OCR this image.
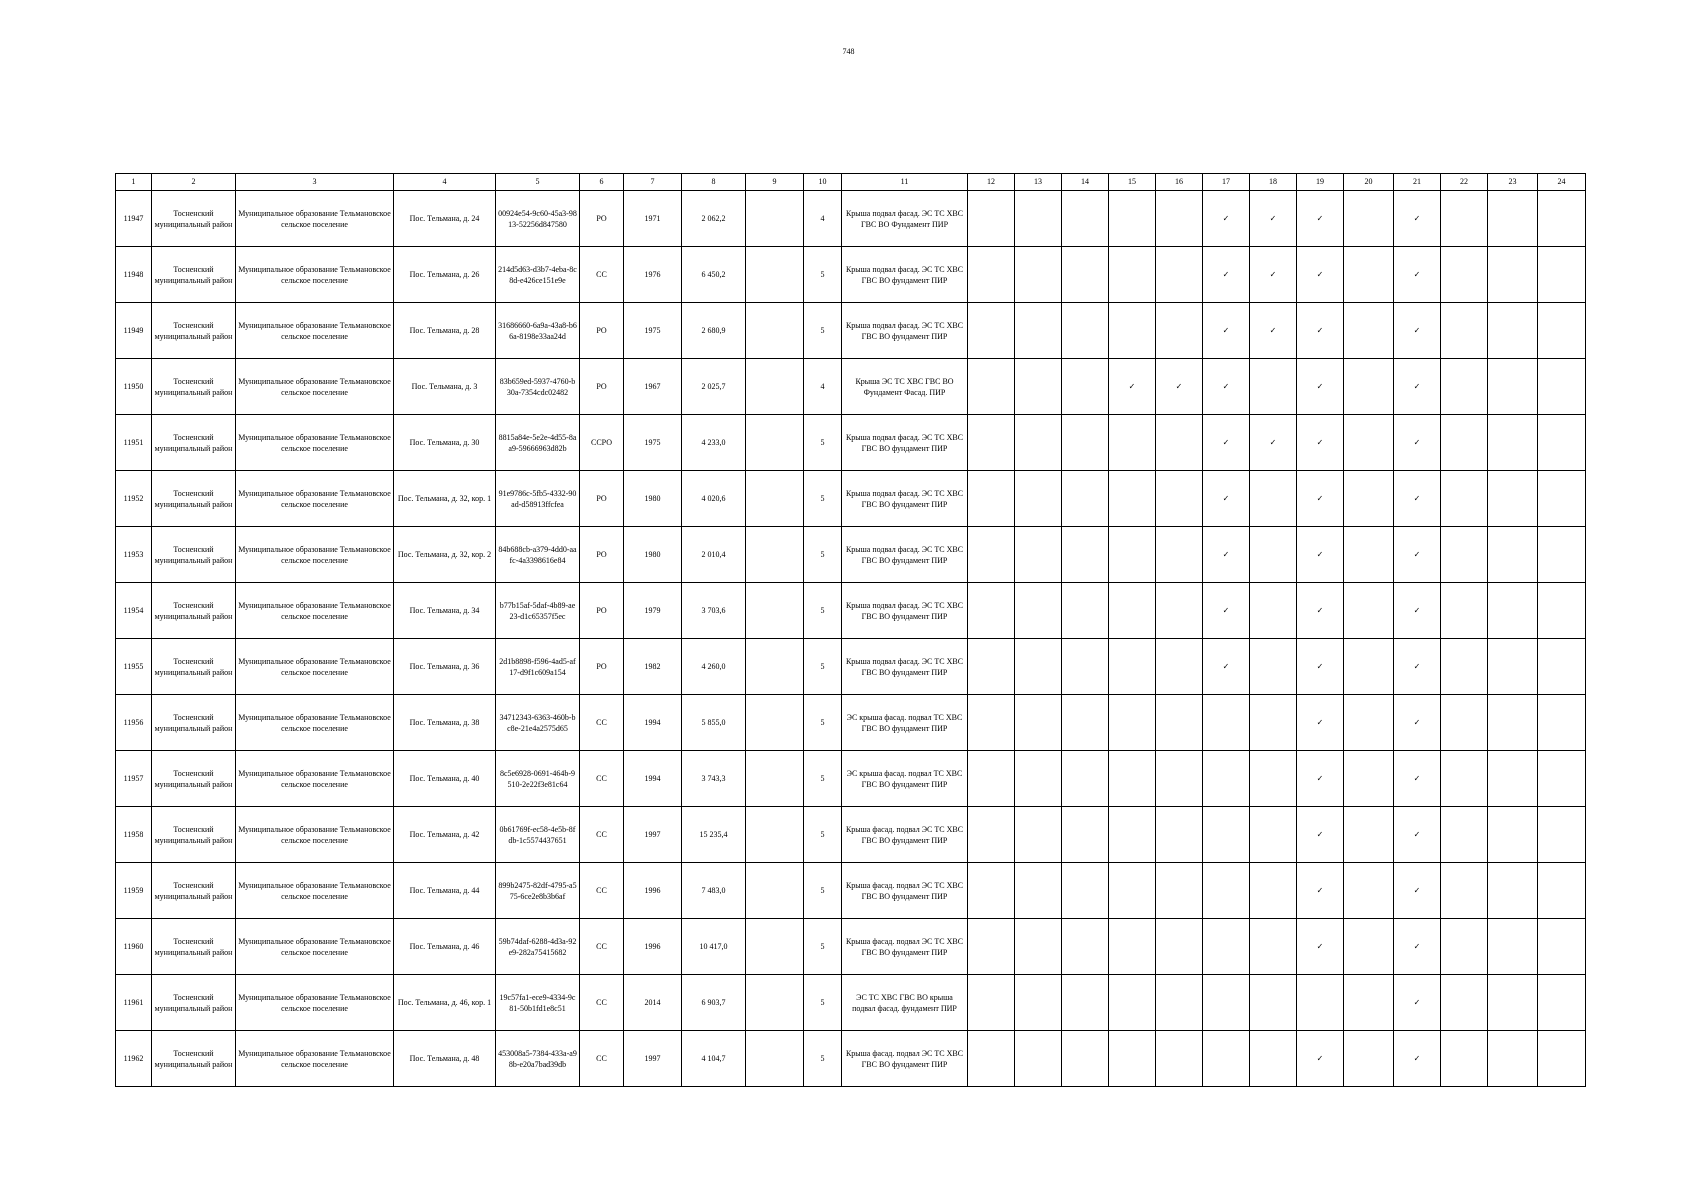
748
1	2	3	4	5	6	7	8	9	10	11	12	13	14	15	16	17	18	19	20	21	22	23	24
11947	Тосненский муниципальный район	Муниципальное образование Тельмановское сельское поселение	Пос. Тельмана, д. 24	00924e54-9c60-45a3-9813-52256d847580	РО	1971	2 062,2		4	Крыша подвал фасад. ЭС ТС ХВС ГВС ВО Фундамент ПИР						✓	✓	✓		✓			
11948	Тосненский муниципальный район	Муниципальное образование Тельмановское сельское поселение	Пос. Тельмана, д. 26	214d5d63-d3b7-4eba-8c8d-e426ce151e9e	СС	1976	6 450,2		5	Крыша подвал фасад. ЭС ТС ХВС ГВС ВО фундамент ПИР						✓	✓	✓		✓			
11949	Тосненский муниципальный район	Муниципальное образование Тельмановское сельское поселение	Пос. Тельмана, д. 28	31686660-6a9a-43a8-b66a-8198e33aa24d	РО	1975	2 680,9		5	Крыша подвал фасад. ЭС ТС ХВС ГВС ВО фундамент ПИР						✓	✓	✓		✓			
11950	Тосненский муниципальный район	Муниципальное образование Тельмановское сельское поселение	Пос. Тельмана, д. 3	83b659ed-5937-4760-b30a-7354cdc02482	РО	1967	2 025,7		4	Крыша ЭС ТС ХВС ГВС ВО Фундамент Фасад. ПИР				✓	✓	✓		✓		✓			
11951	Тосненский муниципальный район	Муниципальное образование Тельмановское сельское поселение	Пос. Тельмана, д. 30	8815a84e-5e2e-4d55-8aa9-59666963d82b	ССРО	1975	4 233,0		5	Крыша подвал фасад. ЭС ТС ХВС ГВС ВО фундамент ПИР						✓	✓	✓		✓			
11952	Тосненский муниципальный район	Муниципальное образование Тельмановское сельское поселение	Пос. Тельмана, д. 32, кор. 1	91e9786c-5fb5-4332-90ad-d58913ffcfea	РО	1980	4 020,6		5	Крыша подвал фасад. ЭС ТС ХВС ГВС ВО фундамент ПИР						✓		✓		✓			
11953	Тосненский муниципальный район	Муниципальное образование Тельмановское сельское поселение	Пос. Тельмана, д. 32, кор. 2	84b688cb-a379-4dd0-aafc-4a3398616e84	РО	1980	2 010,4		5	Крыша подвал фасад. ЭС ТС ХВС ГВС ВО фундамент ПИР						✓		✓		✓			
11954	Тосненский муниципальный район	Муниципальное образование Тельмановское сельское поселение	Пос. Тельмана, д. 34	b77b15af-5daf-4b89-ae23-d1c65357f5ec	РО	1979	3 703,6		5	Крыша подвал фасад. ЭС ТС ХВС ГВС ВО фундамент ПИР						✓		✓		✓			
11955	Тосненский муниципальный район	Муниципальное образование Тельмановское сельское поселение	Пос. Тельмана, д. 36	2d1b8898-f596-4ad5-af17-d9f1c609a154	РО	1982	4 260,0		5	Крыша подвал фасад. ЭС ТС ХВС ГВС ВО фундамент ПИР						✓		✓		✓			
11956	Тосненский муниципальный район	Муниципальное образование Тельмановское сельское поселение	Пос. Тельмана, д. 38	34712343-6363-460b-bc8e-21e4a2575d65	СС	1994	5 855,0		5	ЭС крыша фасад. подвал ТС ХВС ГВС ВО фундамент ПИР								✓		✓			
11957	Тосненский муниципальный район	Муниципальное образование Тельмановское сельское поселение	Пос. Тельмана, д. 40	8c5e6928-0691-464b-9510-2e22f3e81c64	СС	1994	3 743,3		5	ЭС крыша фасад. подвал ТС ХВС ГВС ВО фундамент ПИР								✓		✓			
11958	Тосненский муниципальный район	Муниципальное образование Тельмановское сельское поселение	Пос. Тельмана, д. 42	0b61769f-ec58-4e5b-8fdb-1c5574437651	СС	1997	15 235,4		5	Крыша фасад. подвал ЭС ТС ХВС ГВС ВО фундамент ПИР								✓		✓			
11959	Тосненский муниципальный район	Муниципальное образование Тельмановское сельское поселение	Пос. Тельмана, д. 44	899b2475-82df-4795-a575-6ce2e8b3b6af	СС	1996	7 483,0		5	Крыша фасад. подвал ЭС ТС ХВС ГВС ВО фундамент ПИР								✓		✓			
11960	Тосненский муниципальный район	Муниципальное образование Тельмановское сельское поселение	Пос. Тельмана, д. 46	59b74daf-6288-4d3a-92e9-282a75415682	СС	1996	10 417,0		5	Крыша фасад. подвал ЭС ТС ХВС ГВС ВО фундамент ПИР								✓		✓			
11961	Тосненский муниципальный район	Муниципальное образование Тельмановское сельское поселение	Пос. Тельмана, д. 46, кор. 1	19c57fa1-ece9-4334-9c81-50b1fd1e8c51	СС	2014	6 903,7		5	ЭС ТС ХВС ГВС ВО крыша подвал фасад. фундамент ПИР										✓			
11962	Тосненский муниципальный район	Муниципальное образование Тельмановское сельское поселение	Пос. Тельмана, д. 48	453008a5-7384-433a-a98b-e20a7bad39db	СС	1997	4 104,7		5	Крыша фасад. подвал ЭС ТС ХВС ГВС ВО фундамент ПИР								✓		✓			
